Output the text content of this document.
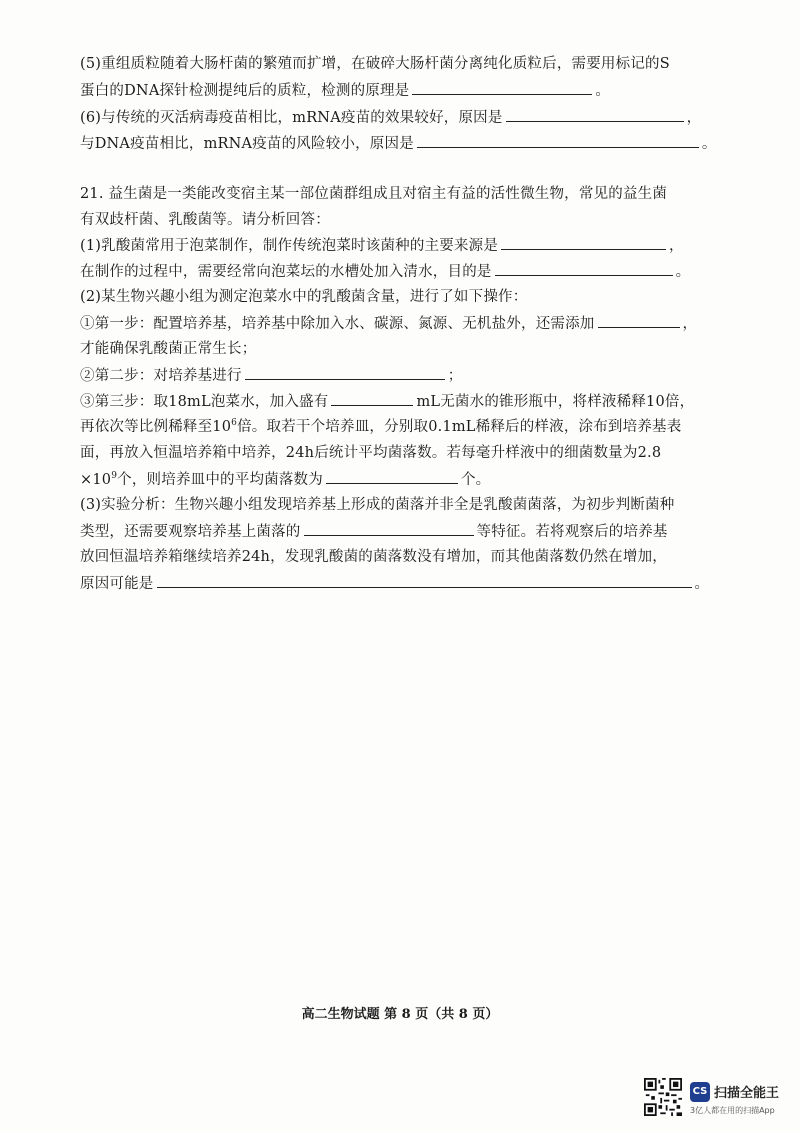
(5)重组质粒随着大肠杆菌的繁殖而扩增，在破碎大肠杆菌分离纯化质粒后，需要用标记的S
蛋白的DNA探针检测提纯后的质粒，检测的原理是	。
(6)与传统的灭活病毒疫苗相比，mRNA疫苗的效果较好，原因是	，
与DNA疫苗相比，mRNA疫苗的风险较小，原因是	。
21. 益生菌是一类能改变宿主某一部位菌群组成且对宿主有益的活性微生物，常见的益生菌
有双歧杆菌、乳酸菌等。请分析回答：
(1)乳酸菌常用于泡菜制作，制作传统泡菜时该菌种的主要来源是	，
在制作的过程中，需要经常向泡菜坛的水槽处加入清水，目的是	。
(2)某生物兴趣小组为测定泡菜水中的乳酸菌含量，进行了如下操作：
①第一步：配置培养基，培养基中除加入水、碳源、氮源、无机盐外，还需添加	，
才能确保乳酸菌正常生长；
②第二步：对培养基进行	；
③第三步：取18mL泡菜水，加入盛有	mL无菌水的锥形瓶中，将样液稀释10倍，
再依次等比例稀释至$10^6$倍。取若干个培养皿，分别取0.1mL稀释后的样液，涂布到培养基表
面，再放入恒温培养箱中培养，24h后统计平均菌落数。若每毫升样液中的细菌数量为2.8
$\times 10^9$个，则培养皿中的平均菌落数为	个。
(3)实验分析：生物兴趣小组发现培养基上形成的菌落并非全是乳酸菌菌落，为初步判断菌种
类型，还需要观察培养基上菌落的	等特征。若将观察后的培养基
放回恒温培养箱继续培养24h，发现乳酸菌的菌落数没有增加，而其他菌落数仍然在增加，
原因可能是	。
高二生物试题 第 8 页（共 8 页）
CS 扫描全能王
3亿人都在用的扫描App
